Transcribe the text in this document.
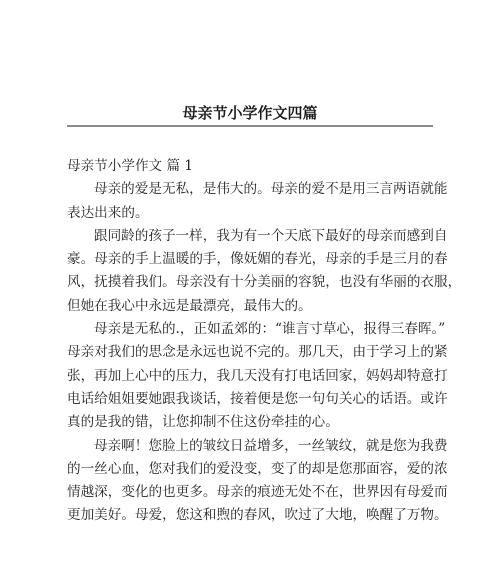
母亲节小学作文四篇

母亲节小学作文 篇 1

母亲的爱是无私，是伟大的。母亲的爱不是用三言两语就能
表达出来的。

跟同龄的孩子一样，我为有一个天底下最好的母亲而感到自
豪。母亲的手上温暖的手，像妩媚的春光，母亲的手是三月的春
风，抚摸着我们。母亲没有十分美丽的容貌，也没有华丽的衣服，
但她在我心中永远是最漂亮，最伟大的。

母亲是无私的.，正如孟郊的：“谁言寸草心，报得三春晖。”
母亲对我们的思念是永远也说不完的。那几天，由于学习上的紧
张，再加上心中的压力，我几天没有打电话回家，妈妈却特意打
电话给姐姐要她跟我谈话，接着便是您一句句关心的话语。或许
真的是我的错，让您抑制不住这份牵挂的心。

母亲啊！您脸上的皱纹日益增多，一丝皱纹，就是您为我费
的一丝心血，您对我们的爱没变，变了的却是您那面容，爱的浓
情越深，变化的也更多。母亲的痕迹无处不在，世界因有母爱而
更加美好。母爱，您这和煦的春风，吹过了大地，唤醒了万物。
